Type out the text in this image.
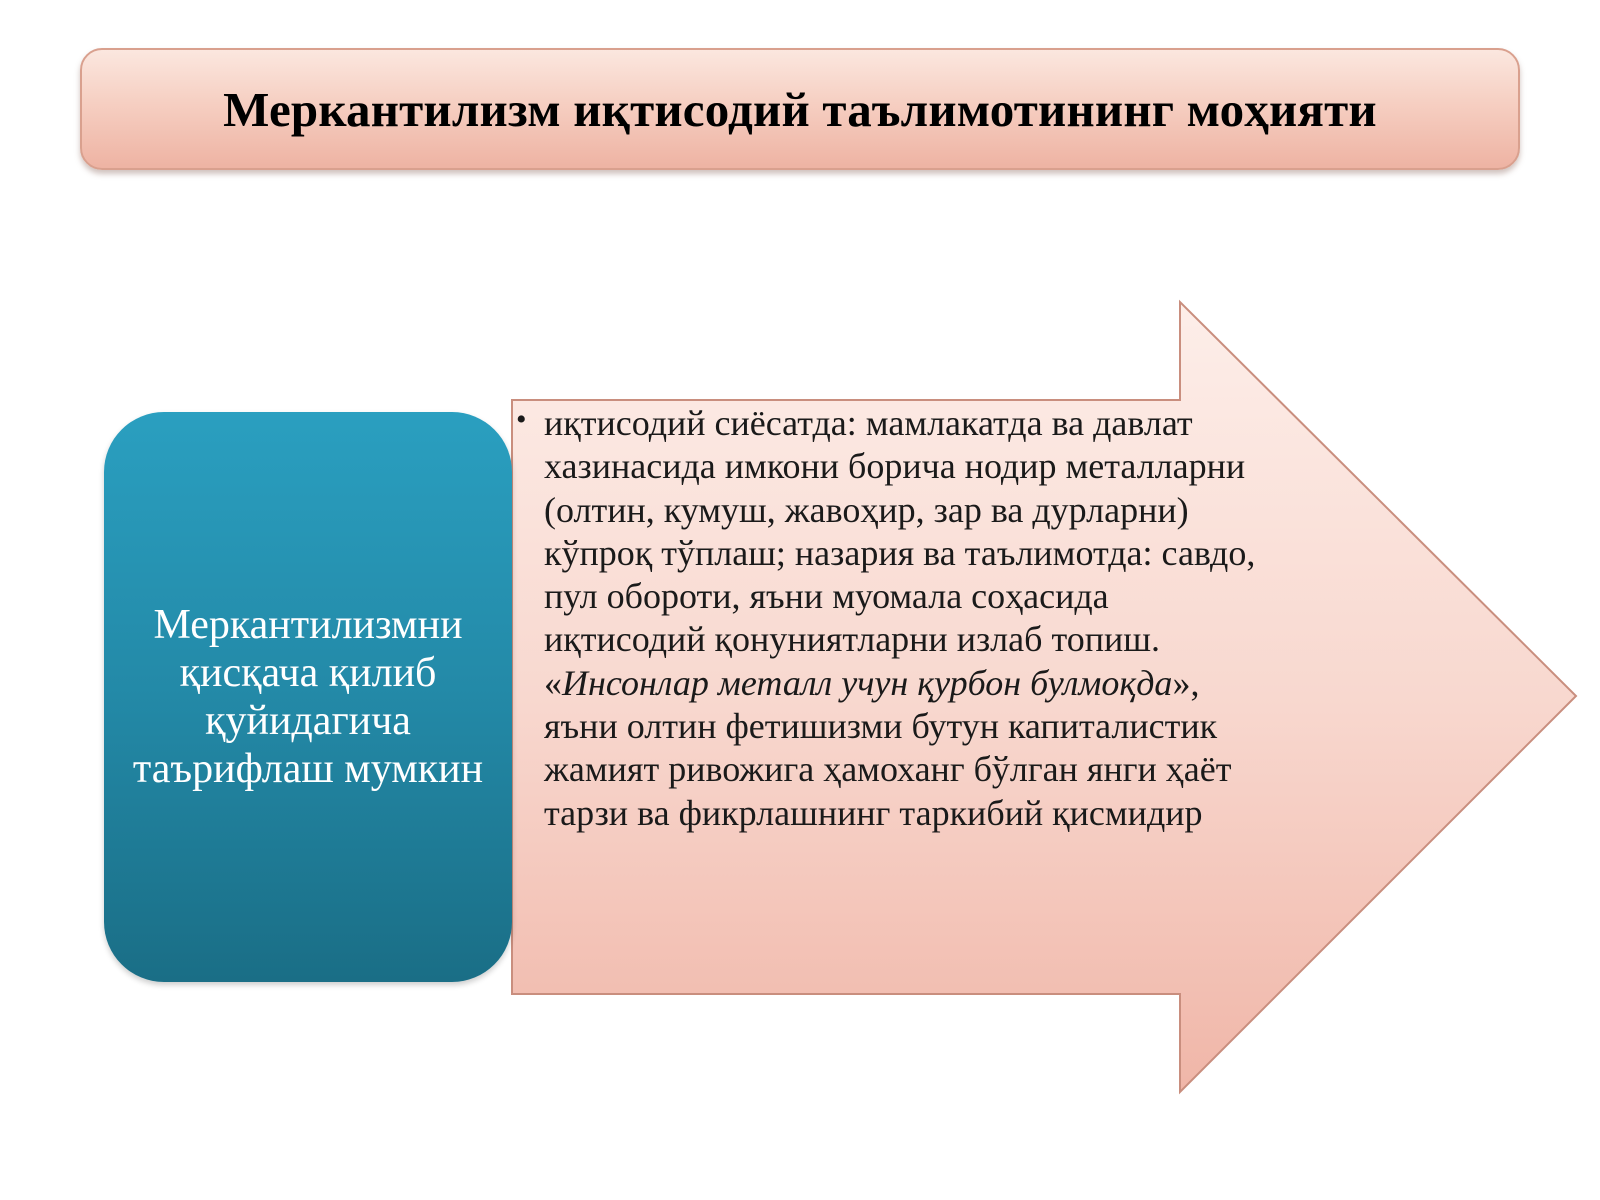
Меркантилизм иқтисодий таълимотининг моҳияти
Меркантилизмни қисқача қилиб қуйидагича таърифлаш мумкин
• иқтисодий сиёсатда: мамлакатда ва давлат хазинасида имкони борича нодир металларни (олтин, кумуш, жавоҳир, зар ва дурларни) кўпроқ тўплаш; назария ва таълимотда: савдо, пул обороти, яъни муомала соҳасида иқтисодий қонуниятларни излаб топиш. «Инсонлар металл учун қурбон булмоқда», яъни олтин фетишизми бутун капиталистик жамият ривожига ҳамоханг бўлган янги ҳаёт тарзи ва фикрлашнинг таркибий қисмидир
